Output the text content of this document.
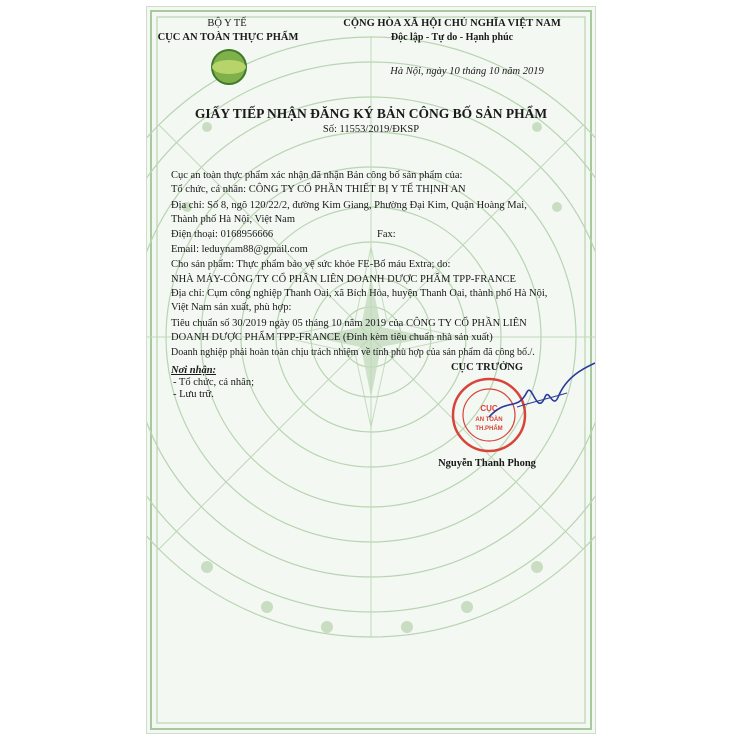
BỘ Y TẾ
CỤC AN TOÀN THỰC PHẨM
CỘNG HÒA XÃ HỘI CHỦ NGHĨA VIỆT NAM
Độc lập - Tự do - Hạnh phúc
Hà Nội, ngày 10 tháng 10 năm 2019
GIẤY TIẾP NHẬN ĐĂNG KÝ BẢN CÔNG BỐ SẢN PHẨM
Số: 11553/2019/ĐKSP
Cục an toàn thực phẩm xác nhận đã nhận Bản công bố sản phẩm của:
Tổ chức, cá nhân: CÔNG TY CỔ PHẦN THIẾT BỊ Y TẾ THỊNH AN
Địa chỉ: Số 8, ngõ 120/22/2, đường Kim Giang, Phường Đại Kim, Quận Hoàng Mai,
Thành phố Hà Nội, Việt Nam
Điện thoại: 0168956666	Fax:
Email: leduynam88@gmail.com
Cho sản phẩm: Thực phẩm bảo vệ sức khỏe FE-Bổ máu Extra; do:
NHÀ MÁY-CÔNG TY CỔ PHẦN LIÊN DOANH DƯỢC PHẨM TPP-FRANCE
Địa chỉ: Cụm công nghiệp Thanh Oai, xã Bích Hòa, huyện Thanh Oai, thành phố Hà Nội,
Việt Nam sản xuất, phù hợp:
Tiêu chuẩn số 30/2019 ngày 05 tháng 10 năm 2019 của CÔNG TY CỔ PHẦN LIÊN
DOANH DƯỢC PHẨM TPP-FRANCE (Đính kèm tiêu chuẩn nhà sản xuất)
Doanh nghiệp phải hoàn toàn chịu trách nhiệm về tính phù hợp của sản phẩm đã công bố./.
Nơi nhận:
- Tổ chức, cá nhân;
- Lưu trữ.
CỤC TRƯỞNG
CỤC
AN TOÀN
TH.PHẨM
Nguyễn Thanh Phong
